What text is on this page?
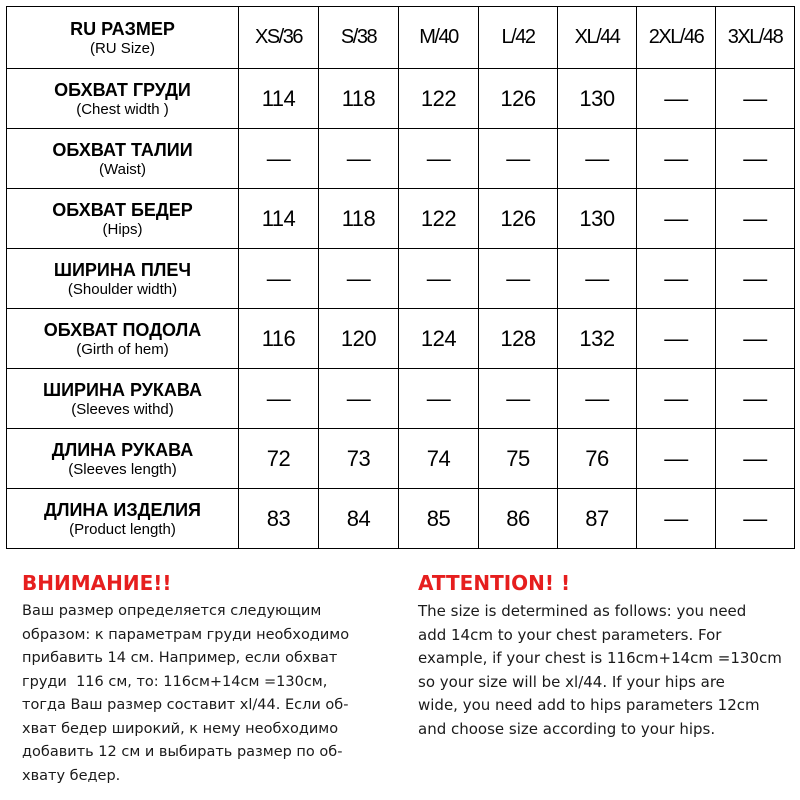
RU РАЗМЕР
(RU Size)	XS/36	S/38	M/40	L/42	XL/44	2XL/46	3XL/48

ОБХВАТ ГРУДИ
(Chest width )	114	118	122	126	130	––	––

ОБХВАТ ТАЛИИ
(Waist)	––	––	––	––	––	––	––

ОБХВАТ БЕДЕР
(Hips)	114	118	122	126	130	––	––

ШИРИНА ПЛЕЧ
(Shoulder width)	––	––	––	––	––	––	––

ОБХВАТ ПОДОЛА
(Girth of hem)	116	120	124	128	132	––	––

ШИРИНА РУКАВА
(Sleeves withd)	––	––	––	––	––	––	––

ДЛИНА РУКАВА
(Sleeves length)	72	73	74	75	76	––	––

ДЛИНА ИЗДЕЛИЯ
(Product length)	83	84	85	86	87	––	––
ВНИМАНИЕ!!
Ваш размер определяется следующим
образом: к параметрам груди необходимо
прибавить 14 см. Например, если обхват
груди  116 см, то: 116см+14см =130см,
тогда Ваш размер составит xl/44. Если об-
хват бедер широкий, к нему необходимо
добавить 12 см и выбирать размер по об-
хвату бедер.
ATTENTION! !
The size is determined as follows: you need
add 14cm to your chest parameters. For
example, if your chest is 116cm+14cm =130cm
so your size will be xl/44. If your hips are
wide, you need add to hips parameters 12cm
and choose size according to your hips.
